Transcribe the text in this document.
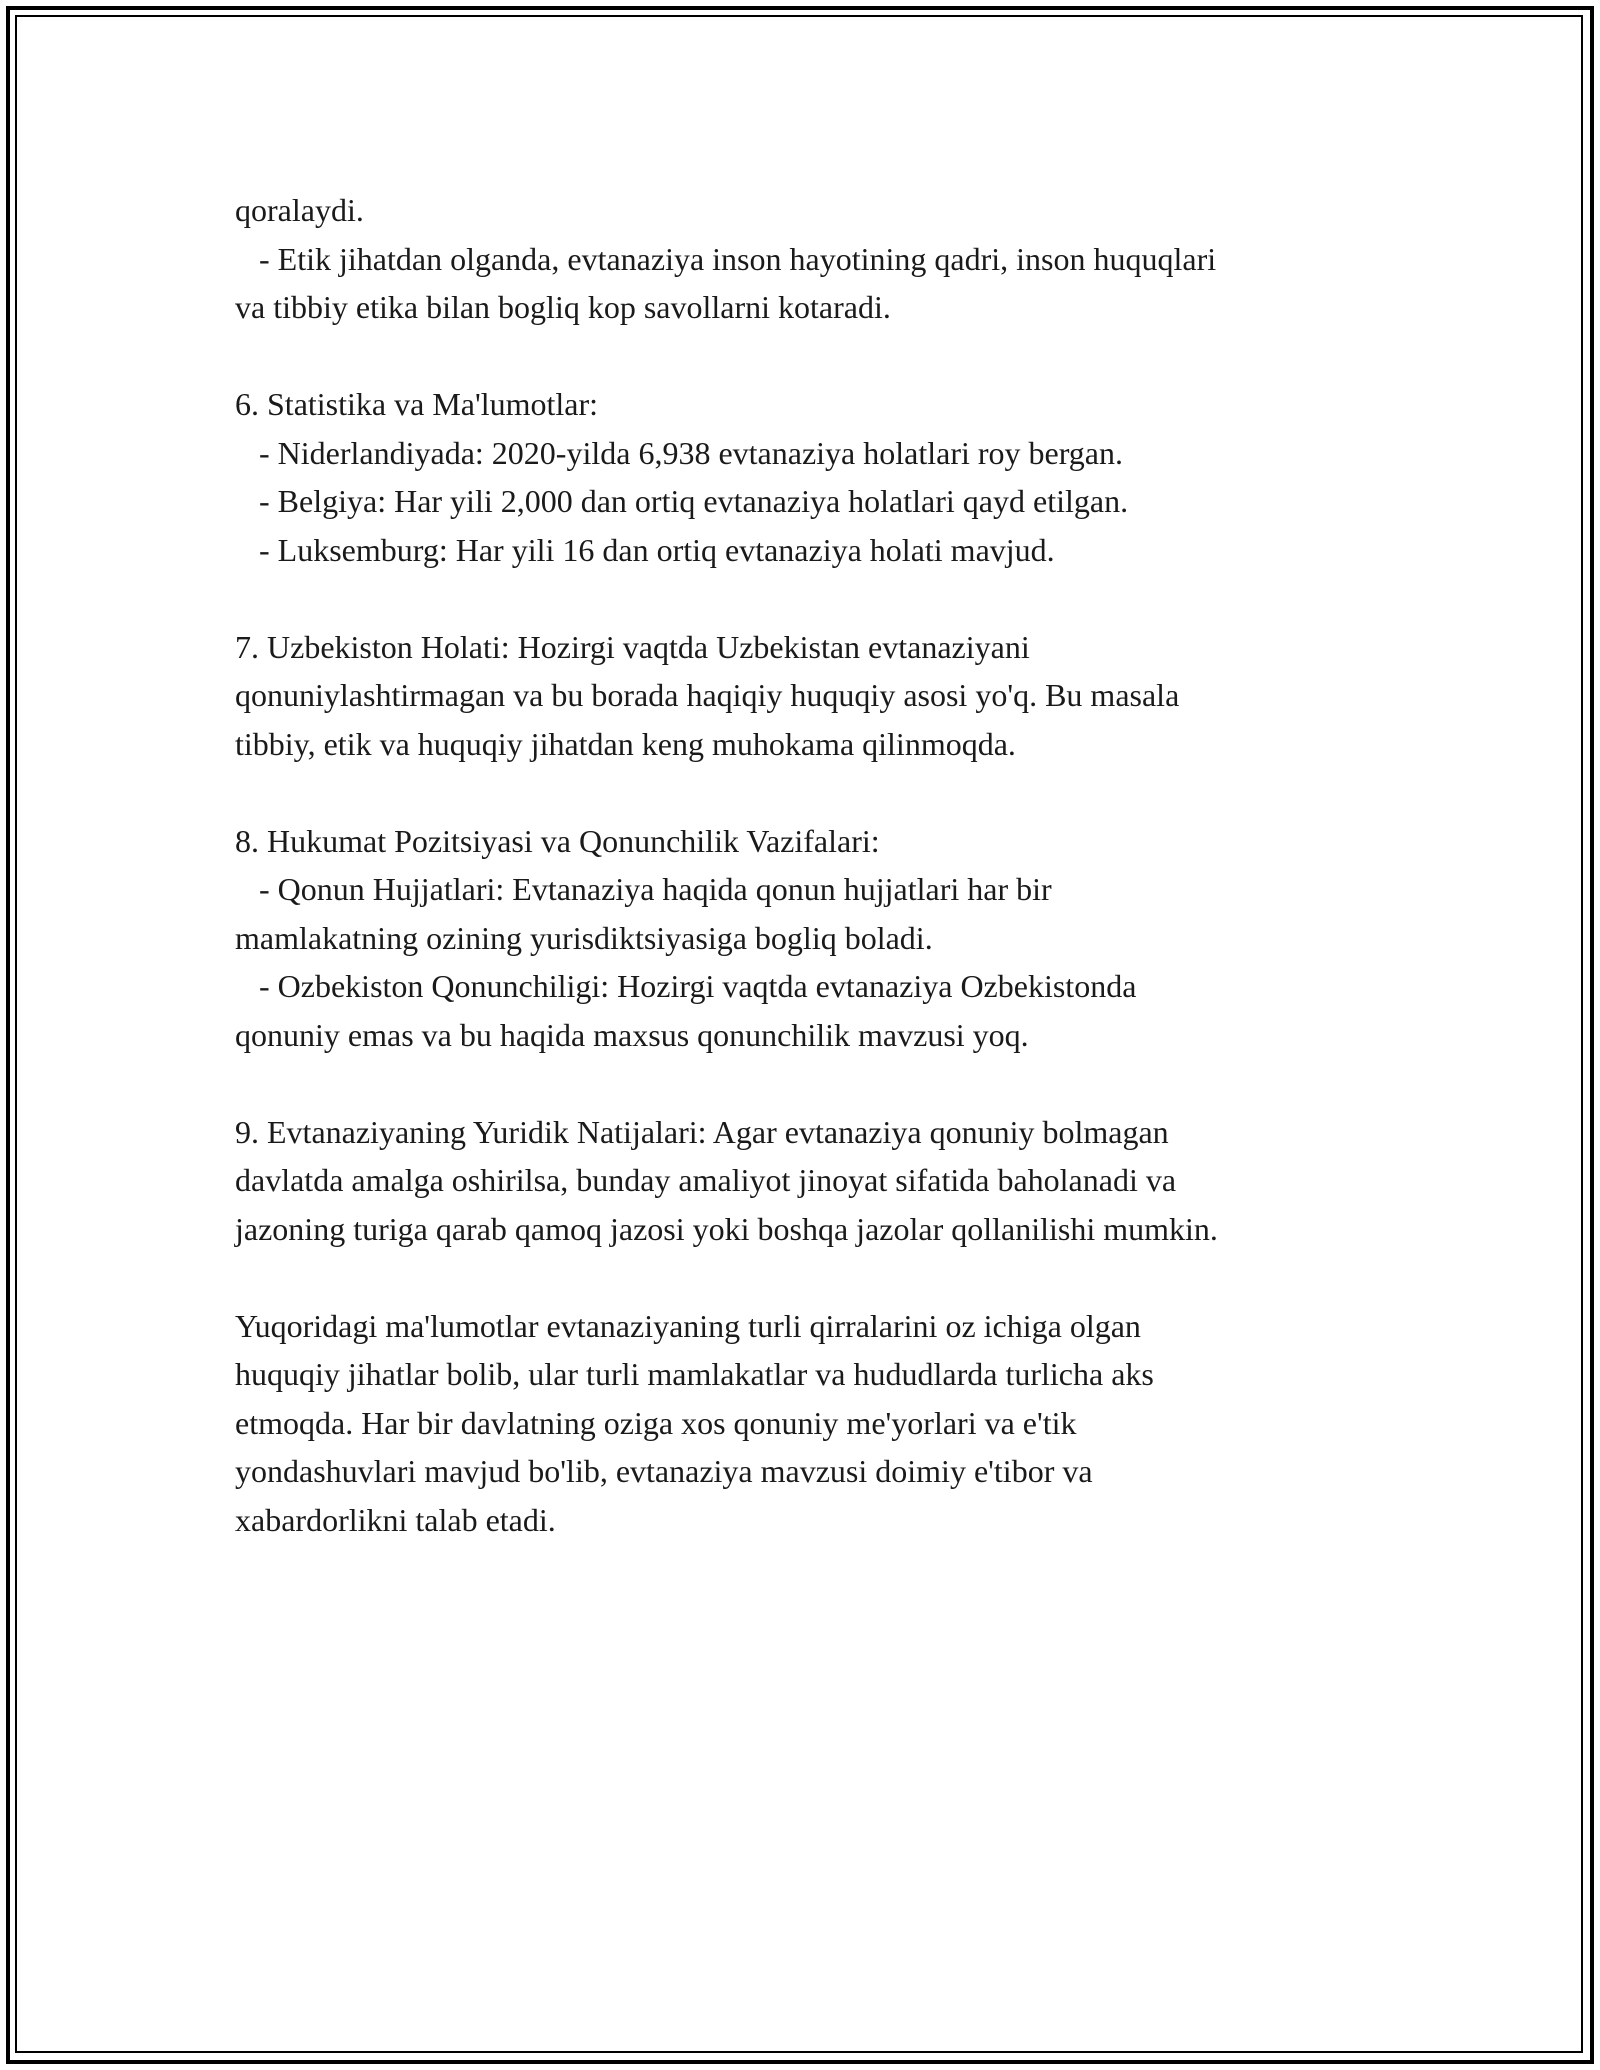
qoralaydi.
- Etik jihatdan olganda, evtanaziya inson hayotining qadri, inson huquqlari
va tibbiy etika bilan bogliq kop savollarni kotaradi.
6. Statistika va Ma'lumotlar:
- Niderlandiyada: 2020-yilda 6,938 evtanaziya holatlari roy bergan.
- Belgiya: Har yili 2,000 dan ortiq evtanaziya holatlari qayd etilgan.
- Luksemburg: Har yili 16 dan ortiq evtanaziya holati mavjud.
7. Uzbekiston Holati: Hozirgi vaqtda Uzbekistan evtanaziyani
qonuniylashtirmagan va bu borada haqiqiy huquqiy asosi yo'q. Bu masala
tibbiy, etik va huquqiy jihatdan keng muhokama qilinmoqda.
8. Hukumat Pozitsiyasi va Qonunchilik Vazifalari:
- Qonun Hujjatlari: Evtanaziya haqida qonun hujjatlari har bir
mamlakatning ozining yurisdiktsiyasiga bogliq boladi.
- Ozbekiston Qonunchiligi: Hozirgi vaqtda evtanaziya Ozbekistonda
qonuniy emas va bu haqida maxsus qonunchilik mavzusi yoq.
9. Evtanaziyaning Yuridik Natijalari: Agar evtanaziya qonuniy bolmagan
davlatda amalga oshirilsa, bunday amaliyot jinoyat sifatida baholanadi va
jazoning turiga qarab qamoq jazosi yoki boshqa jazolar qollanilishi mumkin.
Yuqoridagi ma'lumotlar evtanaziyaning turli qirralarini oz ichiga olgan
huquqiy jihatlar bolib, ular turli mamlakatlar va hududlarda turlicha aks
etmoqda. Har bir davlatning oziga xos qonuniy me'yorlari va e'tik
yondashuvlari mavjud bo'lib, evtanaziya mavzusi doimiy e'tibor va
xabardorlikni talab etadi.
